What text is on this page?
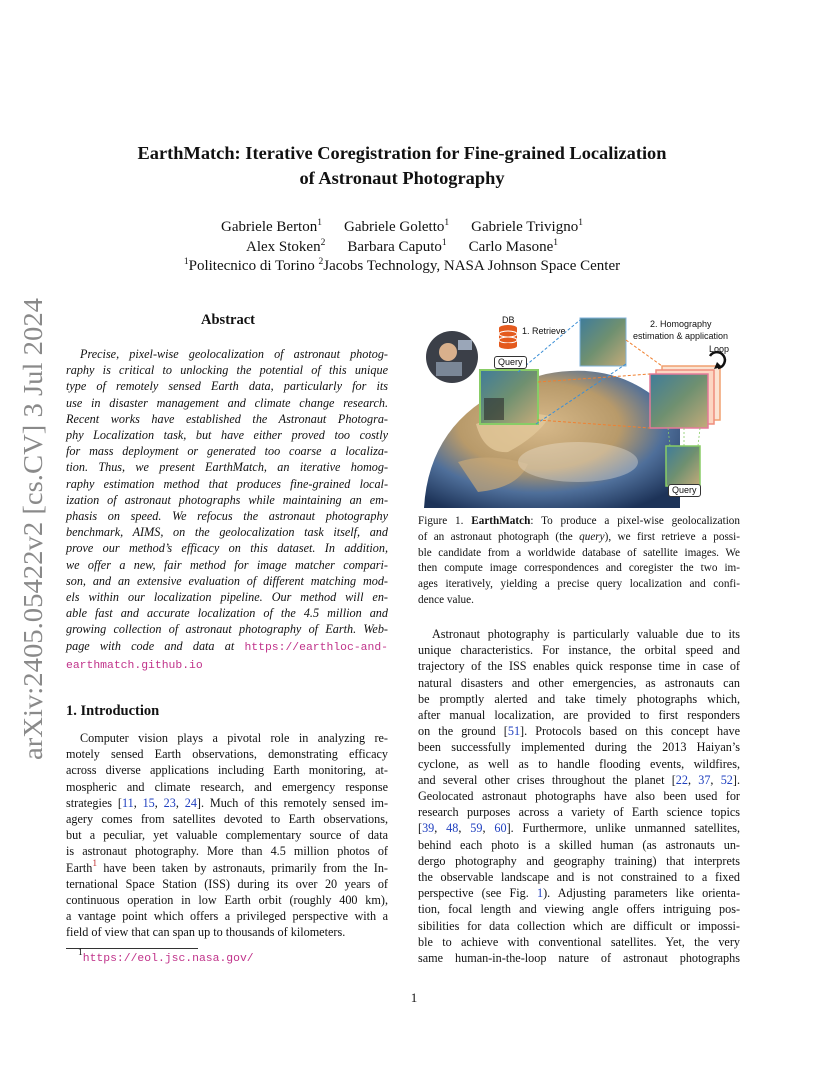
arXiv:2405.05422v2 [cs.CV] 3 Jul 2024
EarthMatch: Iterative Coregistration for Fine-grained Localization
of Astronaut Photography
Gabriele Berton$^1$ Gabriele Goletto$^1$ Gabriele Trivigno$^1$
Alex Stoken$^2$ Barbara Caputo$^1$ Carlo Masone$^1$
$^1$Politecnico di Torino $^2$Jacobs Technology, NASA Johnson Space Center
Abstract
Precise, pixel-wise geolocalization of astronaut photog-
raphy is critical to unlocking the potential of this unique
type of remotely sensed Earth data, particularly for its
use in disaster management and climate change research.
Recent works have established the Astronaut Photogra-
phy Localization task, but have either proved too costly
for mass deployment or generated too coarse a localiza-
tion. Thus, we present EarthMatch, an iterative homog-
raphy estimation method that produces fine-grained local-
ization of astronaut photographs while maintaining an em-
phasis on speed. We refocus the astronaut photography
benchmark, AIMS, on the geolocalization task itself, and
prove our method’s efficacy on this dataset. In addition,
we offer a new, fair method for image matcher compari-
son, and an extensive evaluation of different matching mod-
els within our localization pipeline. Our method will en-
able fast and accurate localization of the 4.5 million and
growing collection of astronaut photography of Earth. Web-
page with code and data at https://earthloc-and-
earthmatch.github.io
1. Introduction
Computer vision plays a pivotal role in analyzing re-
motely sensed Earth observations, demonstrating efficacy
across diverse applications including Earth monitoring, at-
mospheric and climate research, and emergency response
strategies [11, 15, 23, 24]. Much of this remotely sensed im-
agery comes from satellites devoted to Earth observations,
but a peculiar, yet valuable complementary source of data
is astronaut photography. More than 4.5 million photos of
Earth$^1$ have been taken by astronauts, primarily from the In-
ternational Space Station (ISS) during its over 20 years of
continuous operation in low Earth orbit (roughly 400 km),
a vantage point which offers a privileged perspective with a
field of view that can span up to thousands of kilometers.
$^1$https://eol.jsc.nasa.gov/
DB
1. Retrieve
2. Homography
estimation & application
Loop
Query
Query
Figure 1. EarthMatch: To produce a pixel-wise geolocalization
of an astronaut photograph (the query), we first retrieve a possi-
ble candidate from a worldwide database of satellite images. We
then compute image correspondences and coregister the two im-
ages iteratively, yielding a precise query localization and confi-
dence value.
Astronaut photography is particularly valuable due to its
unique characteristics. For instance, the orbital speed and
trajectory of the ISS enables quick response time in case of
natural disasters and other emergencies, as astronauts can
be promptly alerted and take timely photographs which,
after manual localization, are provided to first responders
on the ground [51]. Protocols based on this concept have
been successfully implemented during the 2013 Haiyan’s
cyclone, as well as to handle flooding events, wildfires,
and several other crises throughout the planet [22, 37, 52].
Geolocated astronaut photographs have also been used for
research purposes across a variety of Earth science topics
[39, 48, 59, 60]. Furthermore, unlike unmanned satellites,
behind each photo is a skilled human (as astronauts un-
dergo photography and geography training) that interprets
the observable landscape and is not constrained to a fixed
perspective (see Fig. 1). Adjusting parameters like orienta-
tion, focal length and viewing angle offers intriguing pos-
sibilities for data collection which are difficult or impossi-
ble to achieve with conventional satellites. Yet, the very
same human-in-the-loop nature of astronaut photographs
1
